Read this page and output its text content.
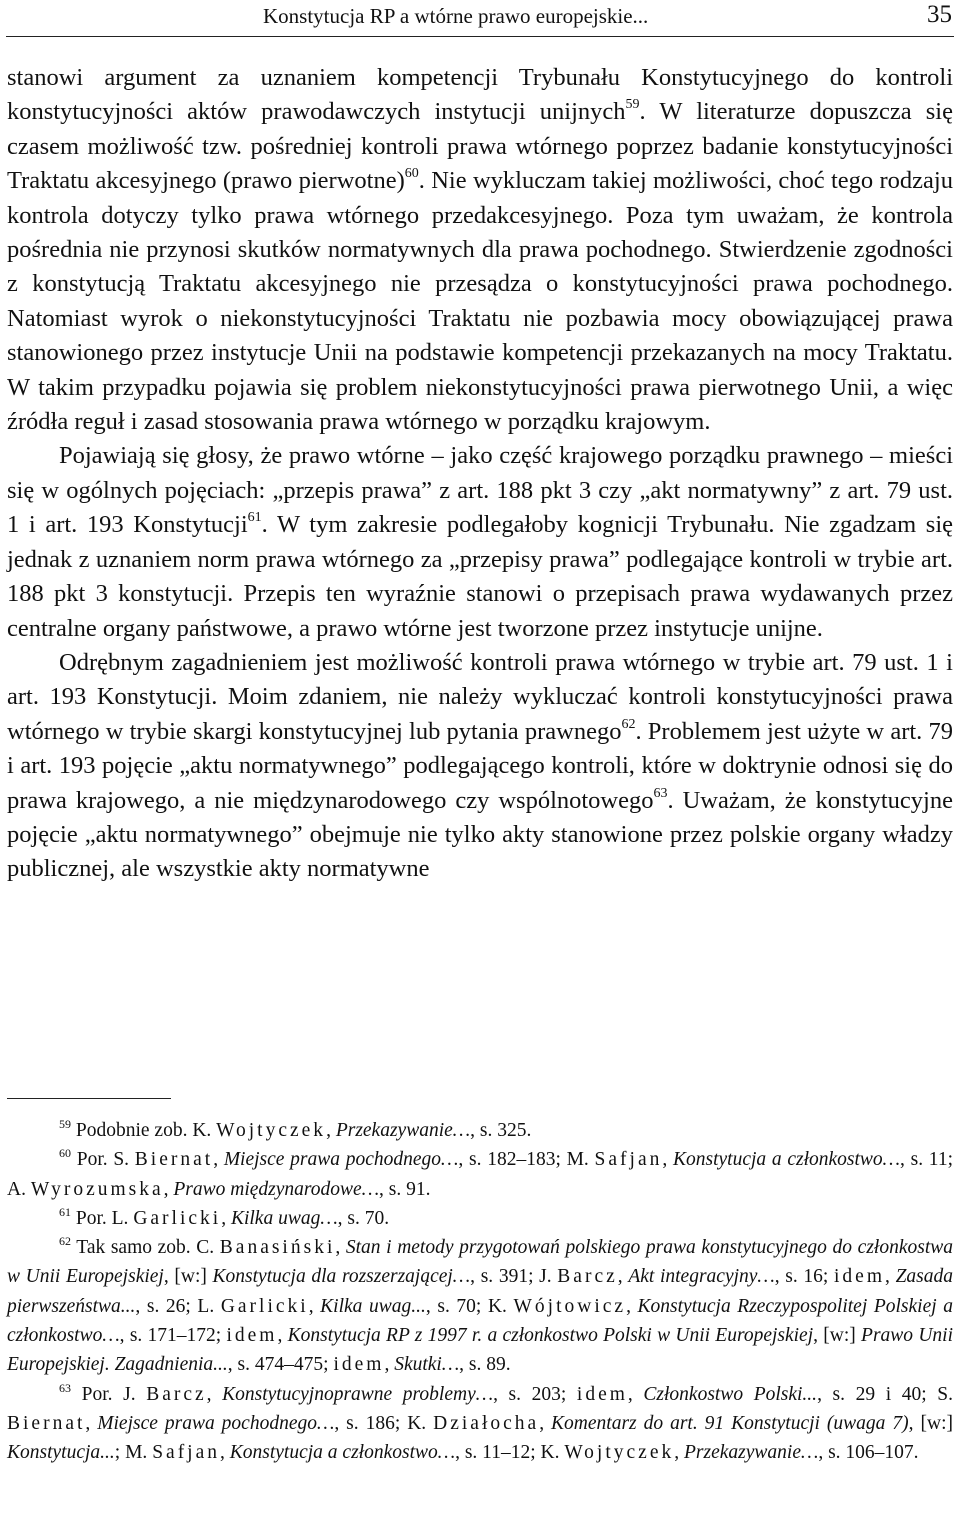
Konstytucja RP a wtórne prawo europejskie...	35

stanowi argument za uznaniem kompetencji Trybunału Konstytucyjnego do kontroli konstytucyjności aktów prawodawczych instytucji unijnych$^{59}$. W literaturze dopuszcza się czasem możliwość tzw. pośredniej kontroli prawa wtórnego poprzez badanie konstytucyjności Traktatu akcesyjnego (prawo pierwotne)$^{60}$. Nie wykluczam takiej możliwości, choć tego rodzaju kontrola dotyczy tylko prawa wtórnego przedakcesyjnego. Poza tym uważam, że kontrola pośrednia nie przynosi skutków normatywnych dla prawa pochodnego. Stwierdzenie zgodności z konstytucją Traktatu akcesyjnego nie przesądza o konstytucyjności prawa pochodnego. Natomiast wyrok o niekonstytucyjności Traktatu nie pozbawia mocy obowiązującej prawa stanowionego przez instytucje Unii na podstawie kompetencji przekazanych na mocy Traktatu. W takim przypadku pojawia się problem niekonstytucyjności prawa pierwotnego Unii, a więc źródła reguł i zasad stosowania prawa wtórnego w porządku krajowym.

Pojawiają się głosy, że prawo wtórne – jako część krajowego porządku prawnego – mieści się w ogólnych pojęciach: „przepis prawa” z art. 188 pkt 3 czy „akt normatywny” z art. 79 ust. 1 i art. 193 Konstytucji$^{61}$. W tym zakresie podlegałoby kognicji Trybunału. Nie zgadzam się jednak z uznaniem norm prawa wtórnego za „przepisy prawa” podlegające kontroli w trybie art. 188 pkt 3 konstytucji. Przepis ten wyraźnie stanowi o przepisach prawa wydawanych przez centralne organy państwowe, a prawo wtórne jest tworzone przez instytucje unijne.

Odrębnym zagadnieniem jest możliwość kontroli prawa wtórnego w trybie art. 79 ust. 1 i art. 193 Konstytucji. Moim zdaniem, nie należy wykluczać kontroli konstytucyjności prawa wtórnego w trybie skargi konstytucyjnej lub pytania prawnego$^{62}$. Problemem jest użyte w art. 79 i art. 193 pojęcie „aktu normatywnego” podlegającego kontroli, które w doktrynie odnosi się do prawa krajowego, a nie międzynarodowego czy wspólnotowego$^{63}$. Uważam, że konstytucyjne pojęcie „aktu normatywnego” obejmuje nie tylko akty stanowione przez polskie organy władzy publicznej, ale wszystkie akty normatywne

$^{59}$ Podobnie zob. K. Wojtyczek, Przekazywanie…, s. 325.

$^{60}$ Por. S. Biernat, Miejsce prawa pochodnego…, s. 182–183; M. Safjan, Konstytucja a członkostwo…, s. 11; A. Wyrozumska, Prawo międzynarodowe…, s. 91.

$^{61}$ Por. L. Garlicki, Kilka uwag…, s. 70.

$^{62}$ Tak samo zob. C. Banasiński, Stan i metody przygotowań polskiego prawa konstytucyjnego do członkostwa w Unii Europejskiej, [w:] Konstytucja dla rozszerzającej…, s. 391; J. Barcz, Akt integracyjny…, s. 16; idem, Zasada pierwszeństwa..., s. 26; L. Garlicki, Kilka uwag..., s. 70; K. Wójtowicz, Konstytucja Rzeczypospolitej Polskiej a członkostwo…, s. 171–172; idem, Konstytucja RP z 1997 r. a członkostwo Polski w Unii Europejskiej, [w:] Prawo Unii Europejskiej. Zagadnienia..., s. 474–475; idem, Skutki…, s. 89.

$^{63}$ Por. J. Barcz, Konstytucyjnoprawne problemy…, s. 203; idem, Członkostwo Polski..., s. 29 i 40; S. Biernat, Miejsce prawa pochodnego…, s. 186; K. Działocha, Komentarz do art. 91 Konstytucji (uwaga 7), [w:] Konstytucja...; M. Safjan, Konstytucja a członkostwo…, s. 11–12; K. Wojtyczek, Przekazywanie…, s. 106–107.
